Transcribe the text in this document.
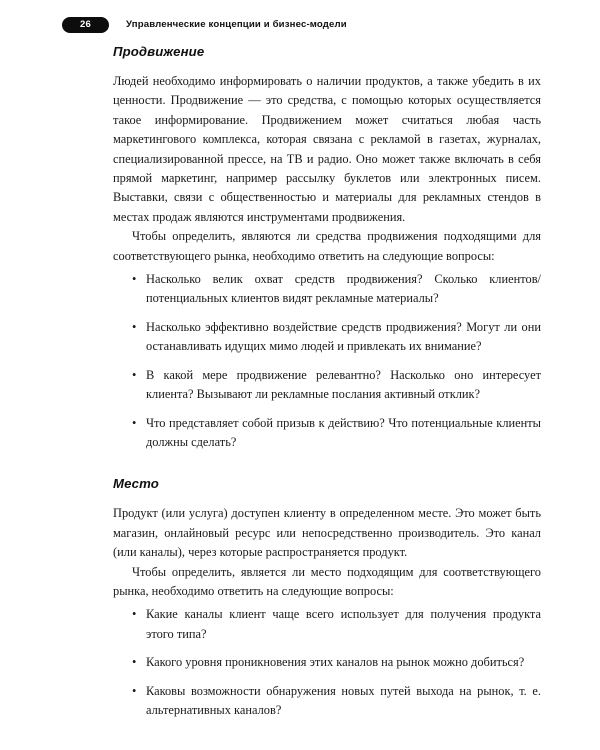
26	Управленческие концепции и бизнес-модели
Продвижение

Людей необходимо информировать о наличии продуктов, а также убедить в их ценности. Продвижение — это средства, с помощью которых осуществляется такое информирование. Продвижением может считаться любая часть маркетингового комплекса, которая связана с рекламой в газетах, журналах, специализированной прессе, на ТВ и радио. Оно может также включать в себя прямой маркетинг, например рассылку буклетов или электронных писем. Выставки, связи с общественностью и материалы для рекламных стендов в местах продаж являются инструментами продвижения.

Чтобы определить, являются ли средства продвижения подходящими для соответствующего рынка, необходимо ответить на следующие вопросы:

• Насколько велик охват средств продвижения? Сколько клиентов/потенциальных клиентов видят рекламные материалы?
• Насколько эффективно воздействие средств продвижения? Могут ли они останавливать идущих мимо людей и привлекать их внимание?
• В какой мере продвижение релевантно? Насколько оно интересует клиента? Вызывают ли рекламные послания активный отклик?
• Что представляет собой призыв к действию? Что потенциальные клиенты должны сделать?
Место

Продукт (или услуга) доступен клиенту в определенном месте. Это может быть магазин, онлайновый ресурс или непосредственно производитель. Это канал (или каналы), через которые распространяется продукт.

Чтобы определить, является ли место подходящим для соответствующего рынка, необходимо ответить на следующие вопросы:

• Какие каналы клиент чаще всего использует для получения продукта этого типа?
• Какого уровня проникновения этих каналов на рынок можно добиться?
• Каковы возможности обнаружения новых путей выхода на рынок, т. е. альтернативных каналов?
